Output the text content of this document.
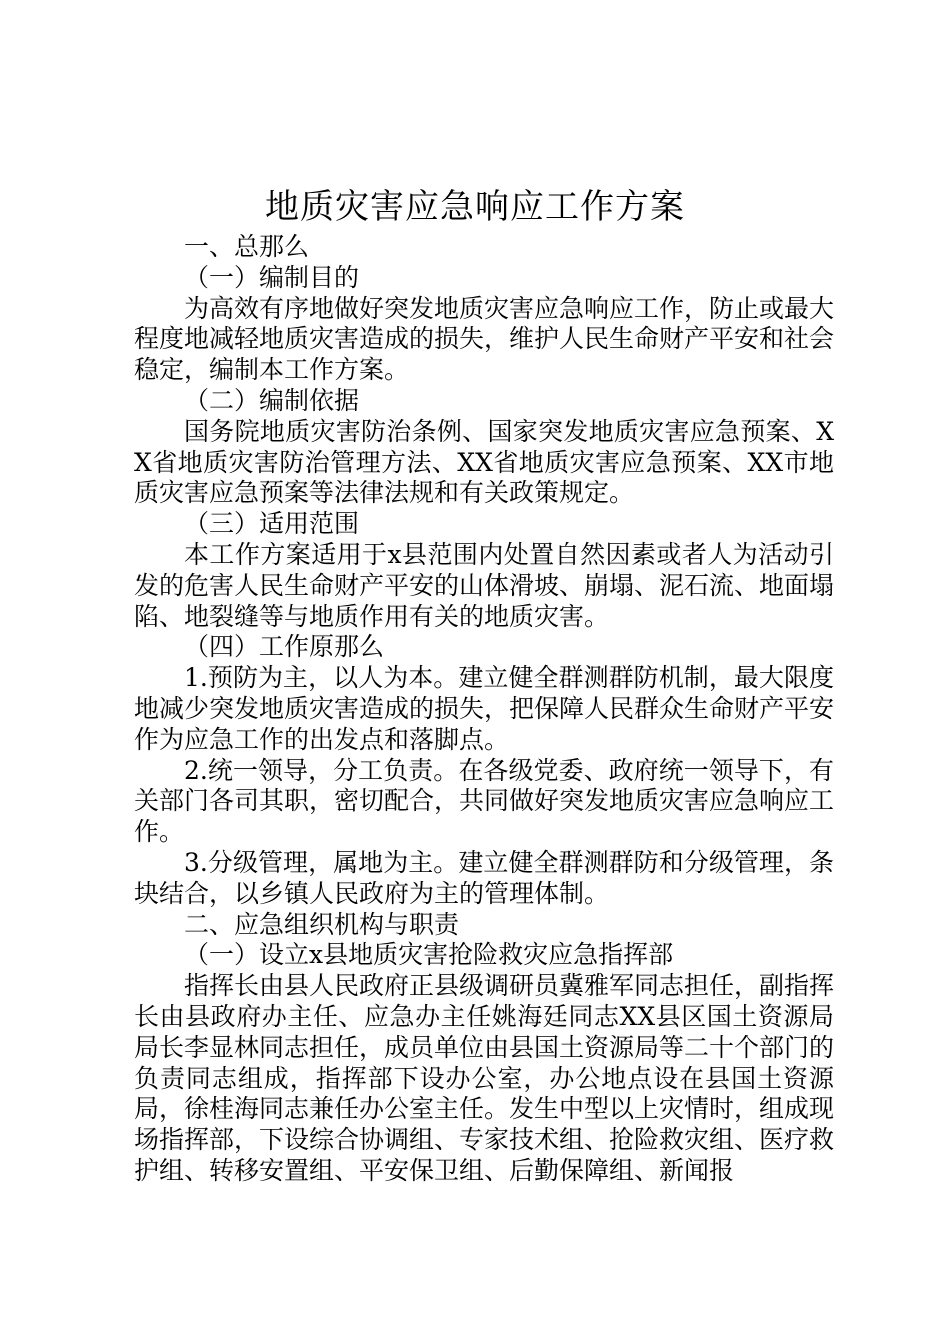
地质灾害应急响应工作方案

一、总那么

（一）编制目的

为高效有序地做好突发地质灾害应急响应工作，防止或最大程度地减轻地质灾害造成的损失，维护人民生命财产平安和社会稳定，编制本工作方案。

（二）编制依据

国务院地质灾害防治条例、国家突发地质灾害应急预案、XX省地质灾害防治管理方法、XX省地质灾害应急预案、XX市地质灾害应急预案等法律法规和有关政策规定。

（三）适用范围

本工作方案适用于x县范围内处置自然因素或者人为活动引发的危害人民生命财产平安的山体滑坡、崩塌、泥石流、地面塌陷、地裂缝等与地质作用有关的地质灾害。

（四）工作原那么

1.预防为主，以人为本。建立健全群测群防机制，最大限度地减少突发地质灾害造成的损失，把保障人民群众生命财产平安作为应急工作的出发点和落脚点。

2.统一领导，分工负责。在各级党委、政府统一领导下，有关部门各司其职，密切配合，共同做好突发地质灾害应急响应工作。

3.分级管理，属地为主。建立健全群测群防和分级管理，条块结合，以乡镇人民政府为主的管理体制。

二、应急组织机构与职责

（一）设立x县地质灾害抢险救灾应急指挥部

指挥长由县人民政府正县级调研员冀雅军同志担任，副指挥长由县政府办主任、应急办主任姚海廷同志XX县区国土资源局局长李显林同志担任，成员单位由县国土资源局等二十个部门的负责同志组成，指挥部下设办公室，办公地点设在县国土资源局，徐桂海同志兼任办公室主任。发生中型以上灾情时，组成现场指挥部，下设综合协调组、专家技术组、抢险救灾组、医疗救护组、转移安置组、平安保卫组、后勤保障组、新闻报
